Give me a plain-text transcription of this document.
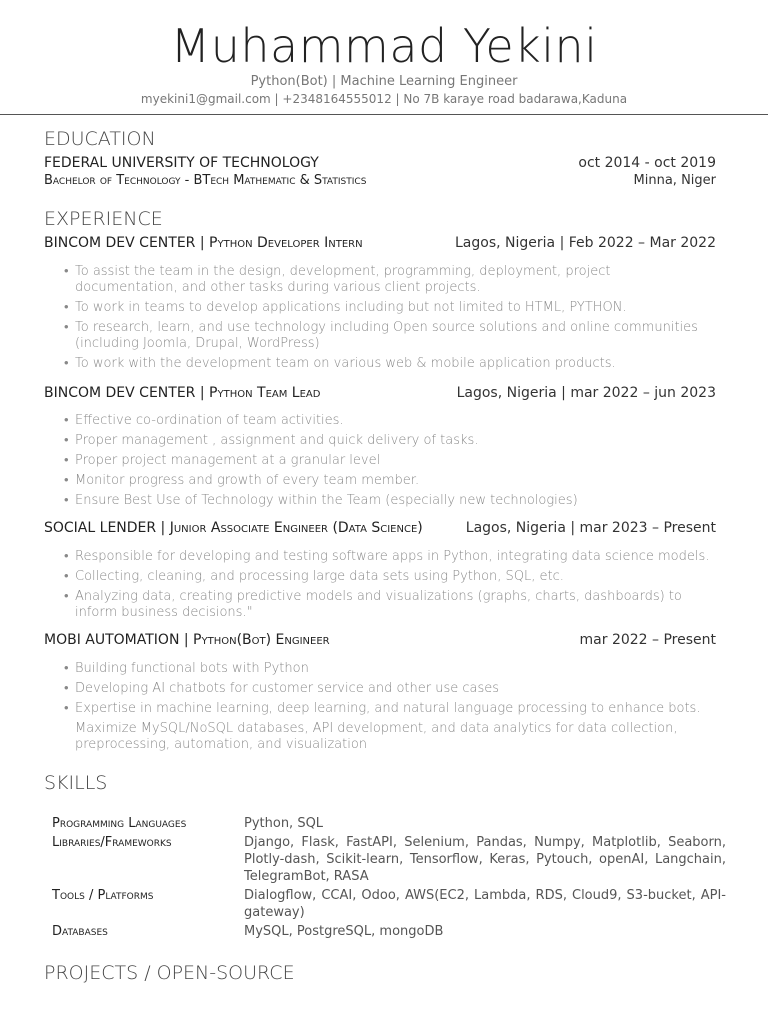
Muhammad Yekini
Python(Bot) | Machine Learning Engineer
myekini1@gmail.com | +2348164555012 | No 7B karaye road badarawa,Kaduna
EDUCATION
FEDERAL UNIVERSITY OF TECHNOLOGY	oct 2014 - oct 2019
Bachelor of Technology - BTech Mathematic & Statistics	Minna, Niger
EXPERIENCE
BINCOM DEV CENTER | Python Developer Intern	Lagos, Nigeria | Feb 2022 – Mar 2022
• To assist the team in the design, development, programming, deployment, project documentation, and other tasks during various client projects.
• To work in teams to develop applications including but not limited to HTML, PYTHON.
• To research, learn, and use technology including Open source solutions and online communities (including Joomla, Drupal, WordPress)
• To work with the development team on various web & mobile application products.
BINCOM DEV CENTER | Python Team Lead	Lagos, Nigeria | mar 2022 – jun 2023
• Effective co-ordination of team activities.
• Proper management , assignment and quick delivery of tasks.
• Proper project management at a granular level
• Monitor progress and growth of every team member.
• Ensure Best Use of Technology within the Team (especially new technologies)
SOCIAL LENDER | Junior Associate Engineer (Data Science)	Lagos, Nigeria | mar 2023 – Present
• Responsible for developing and testing software apps in Python, integrating data science models.
• Collecting, cleaning, and processing large data sets using Python, SQL, etc.
• Analyzing data, creating predictive models and visualizations (graphs, charts, dashboards) to inform business decisions."
MOBI AUTOMATION | Python(Bot) Engineer	mar 2022 – Present
• Building functional bots with Python
• Developing AI chatbots for customer service and other use cases
• Expertise in machine learning, deep learning, and natural language processing to enhance bots.
Maximize MySQL/NoSQL databases, API development, and data analytics for data collection, preprocessing, automation, and visualization
SKILLS
Programming Languages	Python, SQL
Libraries/Frameworks	Django, Flask, FastAPI, Selenium, Pandas, Numpy, Matplotlib, Seaborn, Plotly-dash, Scikit-learn, Tensorflow, Keras, Pytouch, openAI, Langchain, TelegramBot, RASA
Tools / Platforms	Dialogflow, CCAI, Odoo, AWS(EC2, Lambda, RDS, Cloud9, S3-bucket, API-gateway)
Databases	MySQL, PostgreSQL, mongoDB
PROJECTS / OPEN-SOURCE
